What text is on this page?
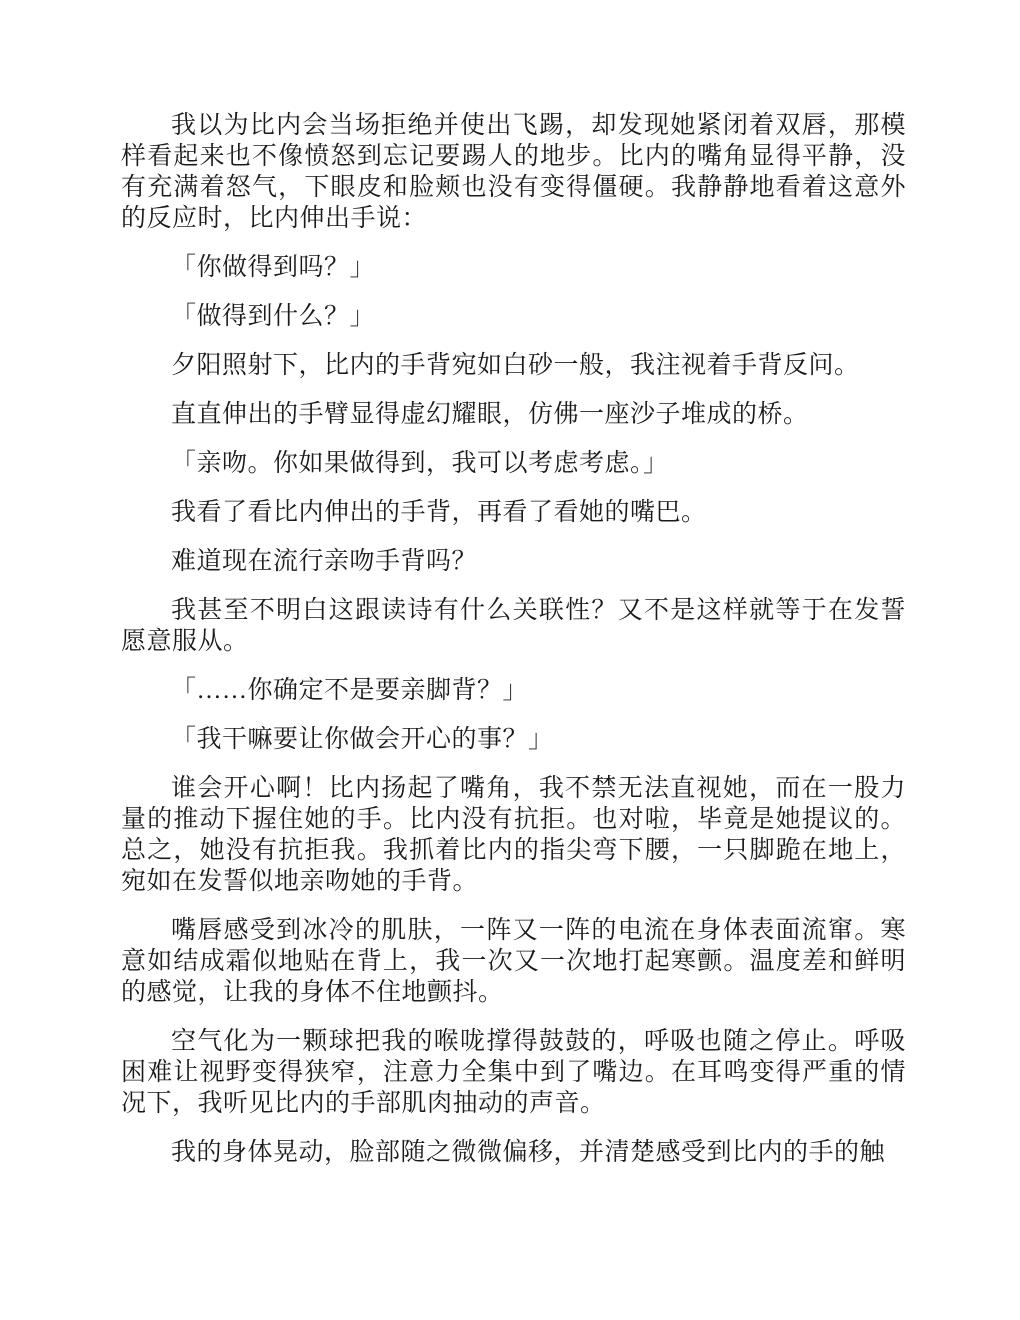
我以为比内会当场拒绝并使出飞踢，却发现她紧闭着双唇，那模样看起来也不像愤怒到忘记要踢人的地步。比内的嘴角显得平静，没有充满着怒气，下眼皮和脸颊也没有变得僵硬。我静静地看着这意外的反应时，比内伸出手说：

「你做得到吗？」

「做得到什么？」

夕阳照射下，比内的手背宛如白砂一般，我注视着手背反问。

直直伸出的手臂显得虚幻耀眼，仿佛一座沙子堆成的桥。

「亲吻。你如果做得到，我可以考虑考虑。」

我看了看比内伸出的手背，再看了看她的嘴巴。

难道现在流行亲吻手背吗？

我甚至不明白这跟读诗有什么关联性？又不是这样就等于在发誓愿意服从。

「……你确定不是要亲脚背？」

「我干嘛要让你做会开心的事？」

谁会开心啊！比内扬起了嘴角，我不禁无法直视她，而在一股力量的推动下握住她的手。比内没有抗拒。也对啦，毕竟是她提议的。总之，她没有抗拒我。我抓着比内的指尖弯下腰，一只脚跪在地上，宛如在发誓似地亲吻她的手背。

嘴唇感受到冰冷的肌肤，一阵又一阵的电流在身体表面流窜。寒意如结成霜似地贴在背上，我一次又一次地打起寒颤。温度差和鲜明的感觉，让我的身体不住地颤抖。

空气化为一颗球把我的喉咙撑得鼓鼓的，呼吸也随之停止。呼吸困难让视野变得狭窄，注意力全集中到了嘴边。在耳鸣变得严重的情况下，我听见比内的手部肌肉抽动的声音。

我的身体晃动，脸部随之微微偏移，并清楚感受到比内的手的触
